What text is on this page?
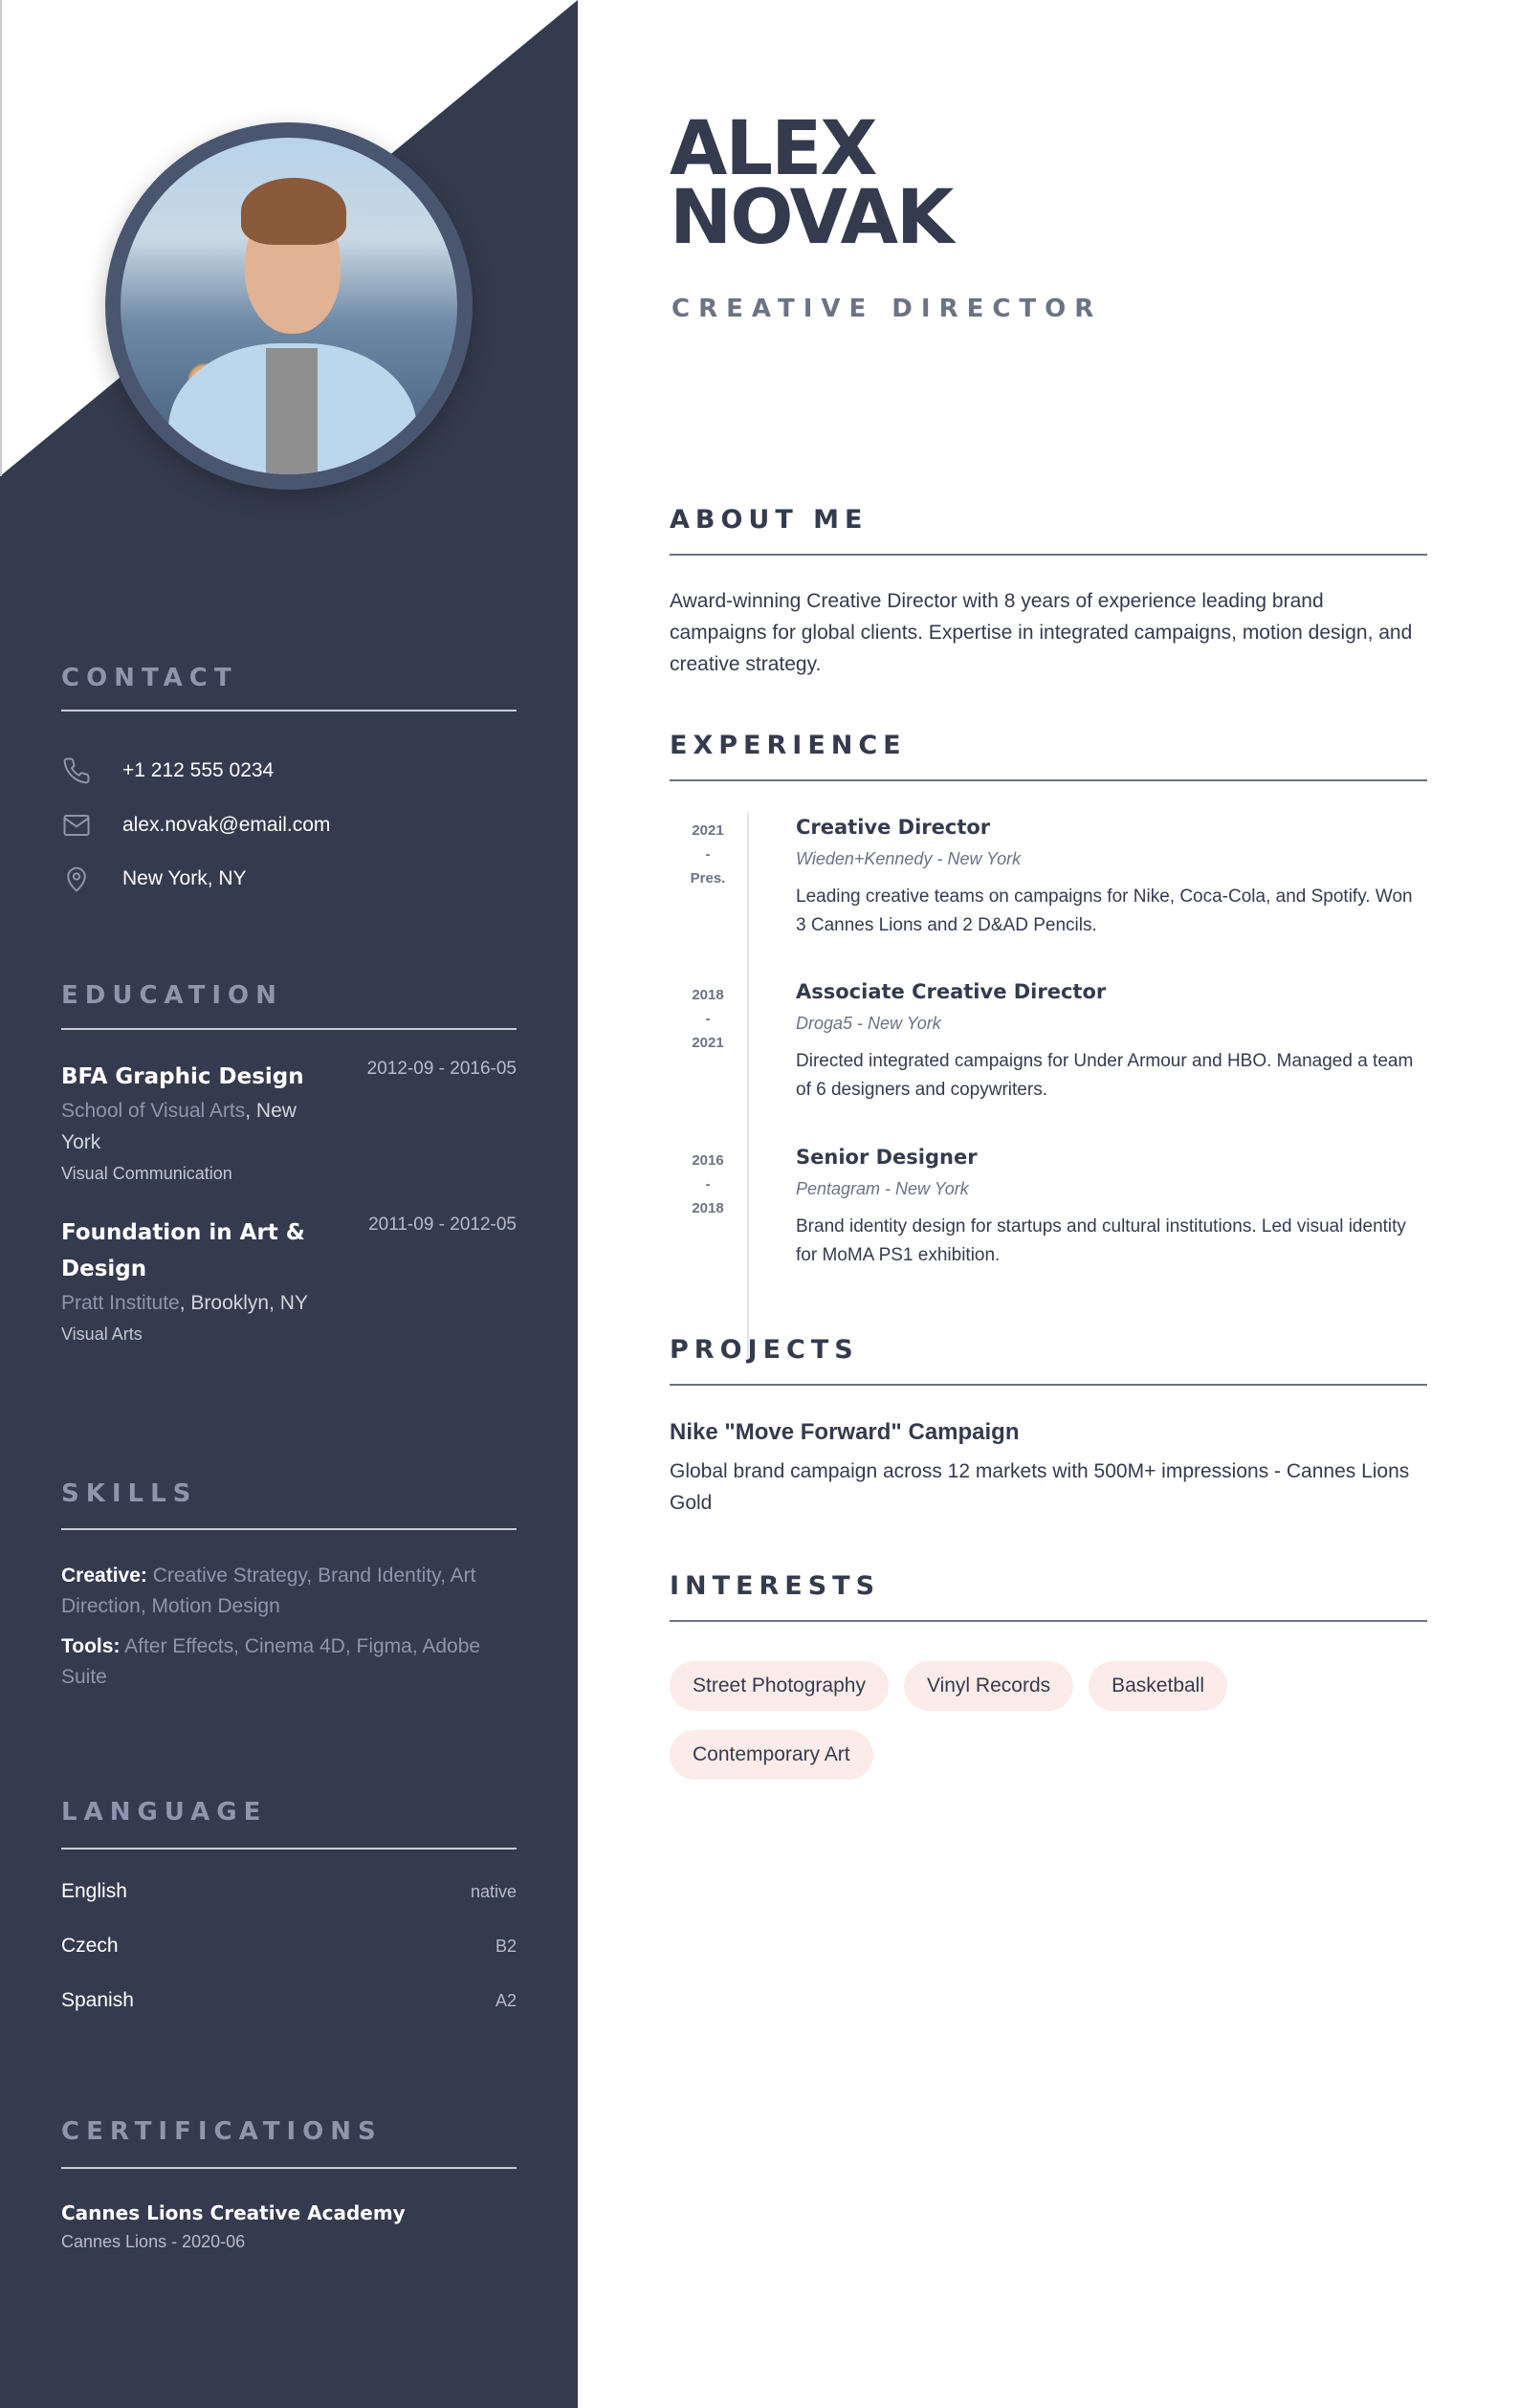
CONTACT
+1 212 555 0234
alex.novak@email.com
New York, NY
EDUCATION
BFA Graphic Design	2012-09 - 2016-05
School of Visual Arts, New York
Visual Communication
Foundation in Art & Design
2011-09 - 2012-05
Pratt Institute, Brooklyn, NY
Visual Arts
SKILLS
Creative: Creative Strategy, Brand Identity, Art Direction, Motion Design
Tools: After Effects, Cinema 4D, Figma, Adobe Suite
LANGUAGE
English	native
Czech	B2
Spanish	A2
CERTIFICATIONS
Cannes Lions Creative Academy
Cannes Lions - 2020-06
ALEX
NOVAK
CREATIVE DIRECTOR
ABOUT ME

Award-winning Creative Director with 8 years of experience leading brand campaigns for global clients. Expertise in integrated campaigns, motion design, and creative strategy.

EXPERIENCE
2021
-
Pres.
Creative Director
Wieden+Kennedy - New York
Leading creative teams on campaigns for Nike, Coca-Cola, and Spotify. Won 3 Cannes Lions and 2 D&AD Pencils.
2018
-
2021
Associate Creative Director
Droga5 - New York
Directed integrated campaigns for Under Armour and HBO. Managed a team of 6 designers and copywriters.
2016
-
2018
Senior Designer
Pentagram - New York
Brand identity design for startups and cultural institutions. Led visual identity for MoMA PS1 exhibition.
PROJECTS
Nike "Move Forward" Campaign

Global brand campaign across 12 markets with 500M+ impressions - Cannes Lions Gold

INTERESTS
Street Photography	Vinyl Records	Basketball
Contemporary Art
